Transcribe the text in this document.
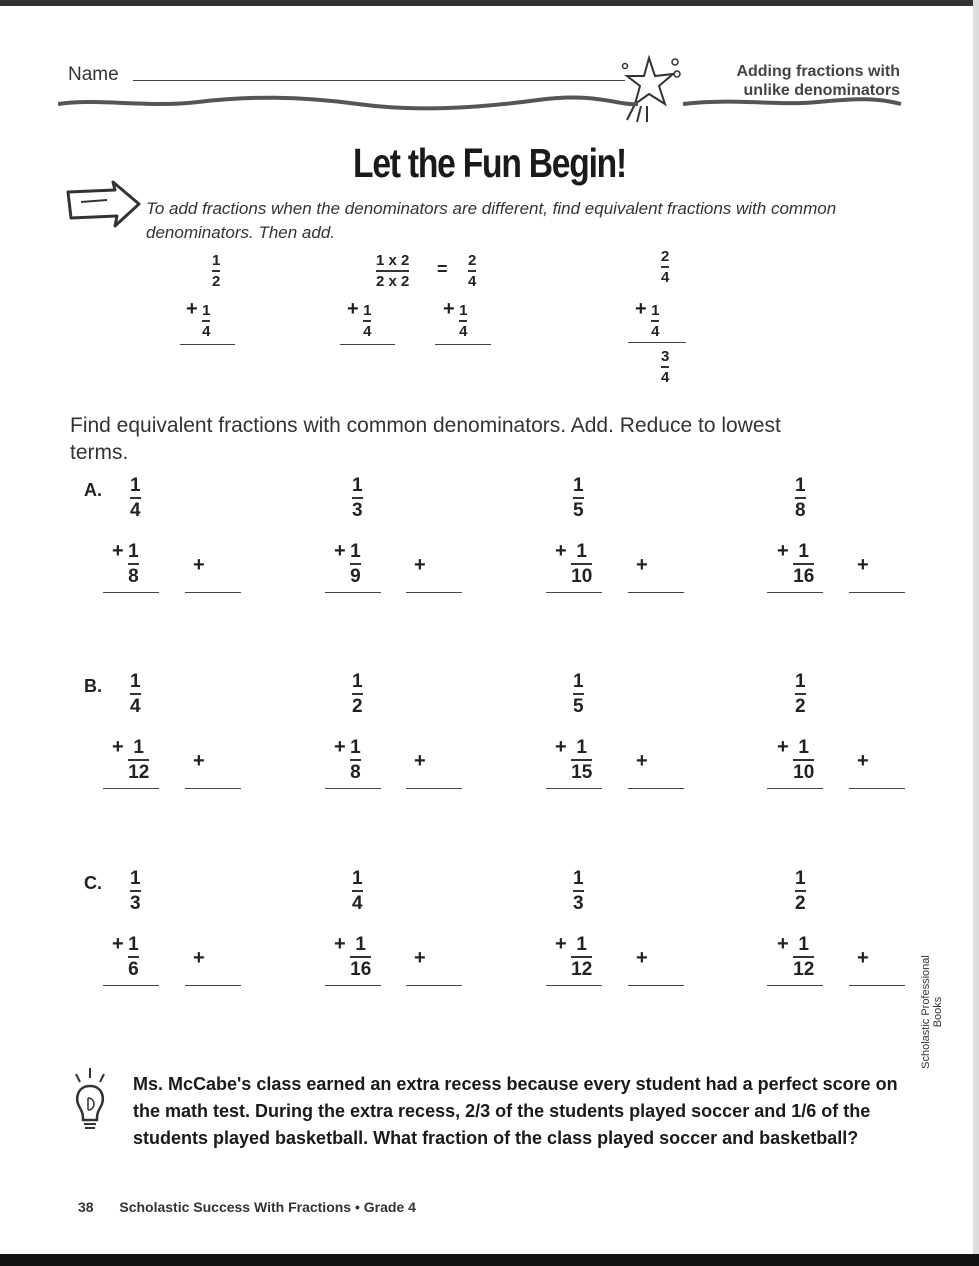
Name	Adding fractions with
unlike denominators
Let the Fun Begin!
To add fractions when the denominators are different, find equivalent fractions with common denominators. Then add.
$\frac{1}{2}$
+ $\frac{1}{4}$
$\frac{1 x 2}{2 x 2} = \frac{2}{4}$
+ $\frac{1}{4}$	+ $\frac{1}{4}$
$\frac{2}{4}$
+ $\frac{1}{4}$
$\frac{3}{4}$
Find equivalent fractions with common denominators. Add. Reduce to lowest terms.
A. $\frac{1}{4}$
+ $\frac{1}{8}$	+
$\frac{1}{3}$
+ $\frac{1}{9}$	+
$\frac{1}{5}$
+ $\frac{1}{10}$ +
$\frac{1}{8}$
+ $\frac{1}{16}$ +
B. $\frac{1}{4}$
+ $\frac{1}{12}$ +
$\frac{1}{2}$
+ $\frac{1}{8}$	+
$\frac{1}{5}$
+ $\frac{1}{15}$ +
$\frac{1}{2}$
+ $\frac{1}{10}$ +
C. $\frac{1}{3}$
+ $\frac{1}{6}$	+
$\frac{1}{4}$
+ $\frac{1}{16}$ +
$\frac{1}{3}$
+ $\frac{1}{12}$ +
$\frac{1}{2}$
+ $\frac{1}{12}$ +
Ms. McCabe's class earned an extra recess because every student had a perfect score on the math test. During the extra recess, 2/3 of the students played soccer and 1/6 of the students played basketball. What fraction of the class played soccer and basketball?
38 Scholastic Success With Fractions • Grade 4
Scholastic Professional Books
